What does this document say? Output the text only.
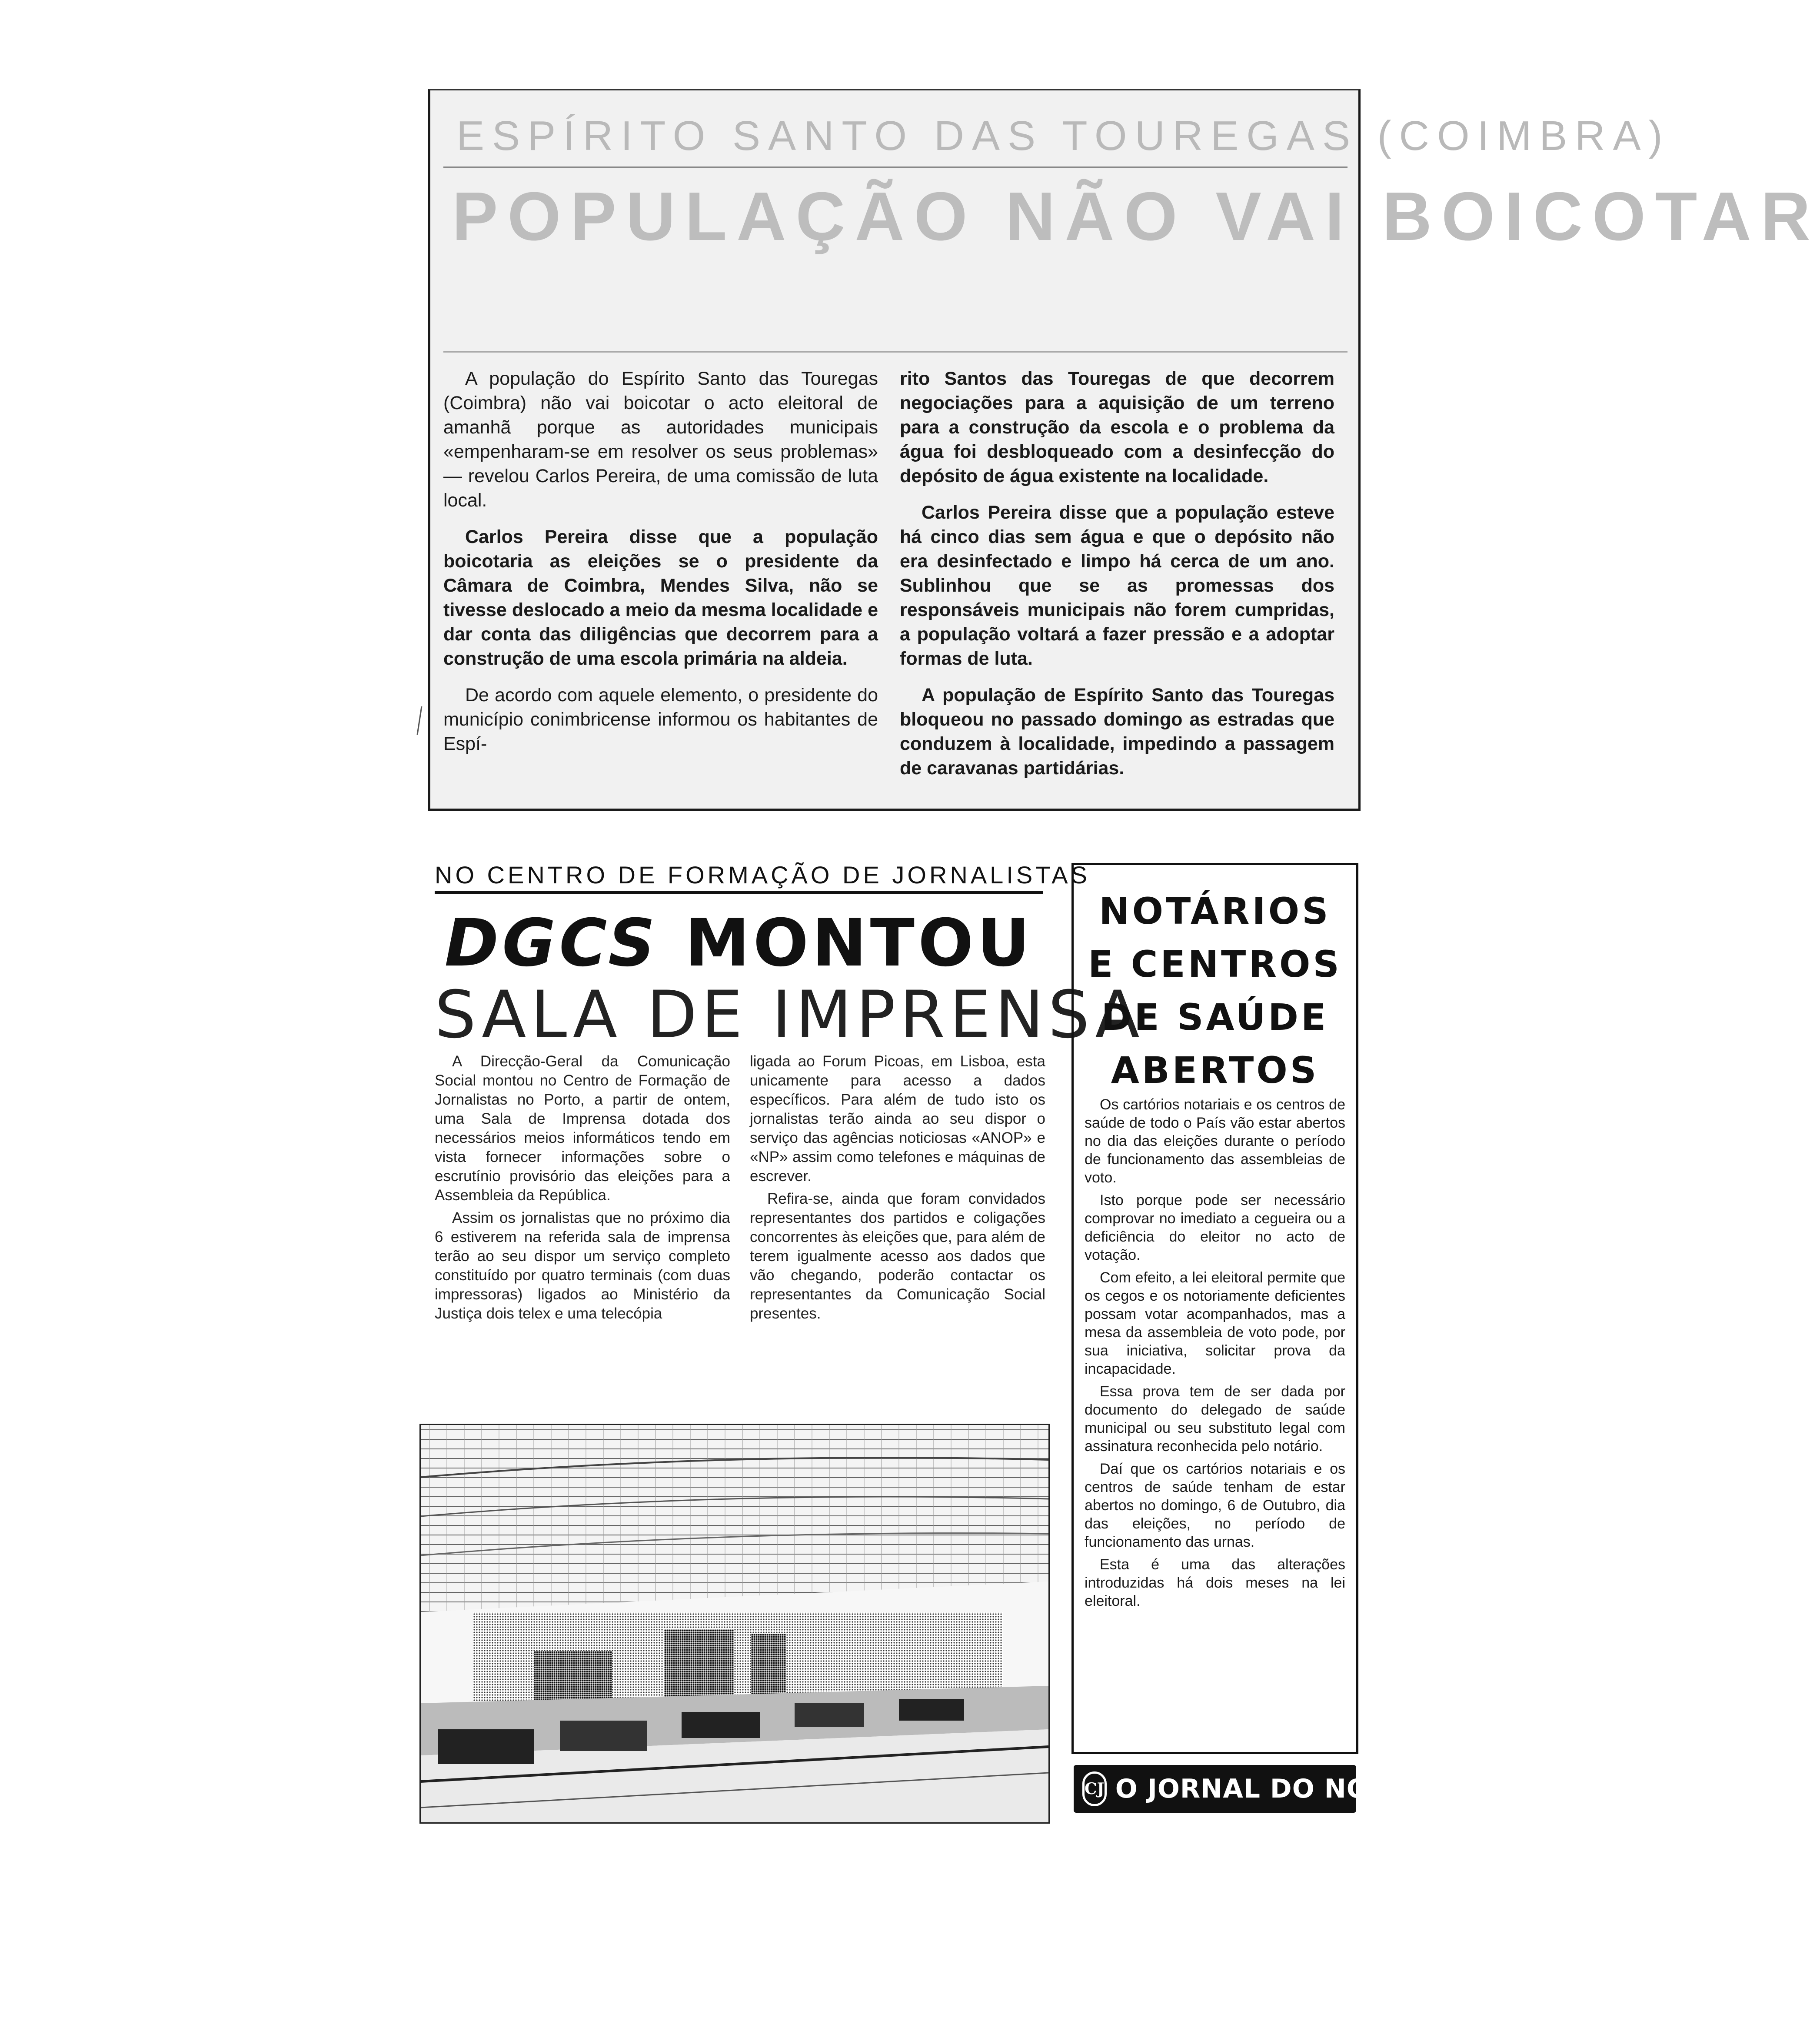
ESPÍRITO SANTO DAS TOUREGAS (COIMBRA)
POPULAÇÃO NÃO VAI BOICOTAR

A população do Espírito Santo das Touregas (Coimbra) não vai boicotar o acto eleitoral de amanhã porque as autoridades municipais «empenharam-se em resolver os seus problemas» — revelou Carlos Pereira, de uma comissão de luta local.

Carlos Pereira disse que a população boicotaria as eleições se o presidente da Câmara de Coimbra, Mendes Silva, não se tivesse deslocado a meio da mesma localidade e dar conta das diligências que decorrem para a construção de uma escola primária na aldeia.

De acordo com aquele elemento, o presidente do município conimbricense informou os habitantes de Espí-

rito Santos das Touregas de que decorrem negociações para a aquisição de um terreno para a construção da escola e o problema da água foi desbloqueado com a desinfecção do depósito de água existente na localidade.

Carlos Pereira disse que a população esteve há cinco dias sem água e que o depósito não era desinfectado e limpo há cerca de um ano. Sublinhou que se as promessas dos responsáveis municipais não forem cumpridas, a população voltará a fazer pressão e a adoptar formas de luta.

A população de Espírito Santo das Touregas bloqueou no passado domingo as estradas que conduzem à localidade, impedindo a passagem de caravanas partidárias.

NO CENTRO DE FORMAÇÃO DE JORNALISTAS
DGCS MONTOU
SALA DE IMPRENSA

A Direcção-Geral da Comunicação Social montou no Centro de Formação de Jornalistas no Porto, a partir de ontem, uma Sala de Imprensa dotada dos necessários meios informáticos tendo em vista fornecer informações sobre o escrutínio provisório das eleições para a Assembleia da República.

Assim os jornalistas que no próximo dia 6 estiverem na referida sala de imprensa terão ao seu dispor um serviço completo constituído por quatro terminais (com duas impressoras) ligados ao Ministério da Justiça dois telex e uma telecópia

ligada ao Forum Picoas, em Lisboa, esta unicamente para acesso a dados específicos. Para além de tudo isto os jornalistas terão ainda ao seu dispor o serviço das agências noticiosas «ANOP» e «NP» assim como telefones e máquinas de escrever.

Refira-se, ainda que foram convidados representantes dos partidos e coligações concorrentes às eleições que, para além de terem igualmente acesso aos dados que vão chegando, poderão contactar os representantes da Comunicação Social presentes.

NOTÁRIOS
E CENTROS
DE SAÚDE
ABERTOS

Os cartórios notariais e os centros de saúde de todo o País vão estar abertos no dia das eleições durante o período de funcionamento das assembleias de voto.

Isto porque pode ser necessário comprovar no imediato a cegueira ou a deficiência do eleitor no acto de votação.

Com efeito, a lei eleitoral permite que os cegos e os notoriamente deficientes possam votar acompanhados, mas a mesa da assembleia de voto pode, por sua iniciativa, solicitar prova da incapacidade.

Essa prova tem de ser dada por documento do delegado de saúde municipal ou seu substituto legal com assinatura reconhecida pelo notário.

Daí que os cartórios notariais e os centros de saúde tenham de estar abertos no domingo, 6 de Outubro, dia das eleições, no período de funcionamento das urnas.

Esta é uma das alterações introduzidas há dois meses na lei eleitoral.

CJ O JORNAL DO NORTE
